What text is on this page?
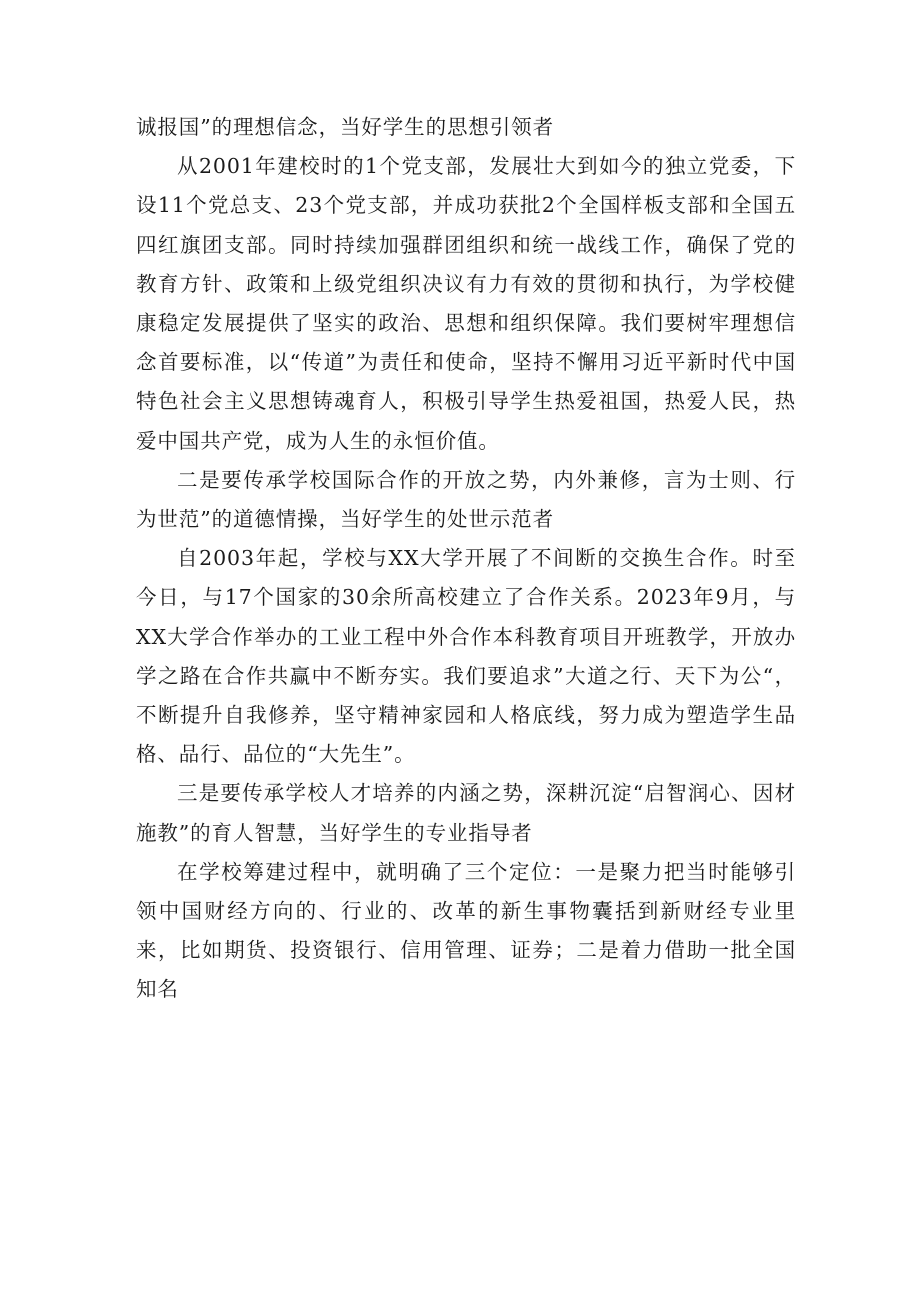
诚报国”的理想信念，当好学生的思想引领者

从2001年建校时的1个党支部，发展壮大到如今的独立党委，下设11个党总支、23个党支部，并成功获批2个全国样板支部和全国五四红旗团支部。同时持续加强群团组织和统一战线工作，确保了党的教育方针、政策和上级党组织决议有力有效的贯彻和执行，为学校健康稳定发展提供了坚实的政治、思想和组织保障。我们要树牢理想信念首要标准，以“传道”为责任和使命，坚持不懈用习近平新时代中国特色社会主义思想铸魂育人，积极引导学生热爱祖国，热爱人民，热爱中国共产党，成为人生的永恒价值。

二是要传承学校国际合作的开放之势，内外兼修，言为士则、行为世范”的道德情操，当好学生的处世示范者

自2003年起，学校与XX大学开展了不间断的交换生合作。时至今日，与17个国家的30余所高校建立了合作关系。2023年9月，与XX大学合作举办的工业工程中外合作本科教育项目开班教学，开放办学之路在合作共赢中不断夯实。我们要追求”大道之行、天下为公“，不断提升自我修养，坚守精神家园和人格底线，努力成为塑造学生品格、品行、品位的“大先生”。

三是要传承学校人才培养的内涵之势，深耕沉淀“启智润心、因材施教”的育人智慧，当好学生的专业指导者

在学校筹建过程中，就明确了三个定位：一是聚力把当时能够引领中国财经方向的、行业的、改革的新生事物囊括到新财经专业里来，比如期货、投资银行、信用管理、证券；二是着力借助一批全国知名
